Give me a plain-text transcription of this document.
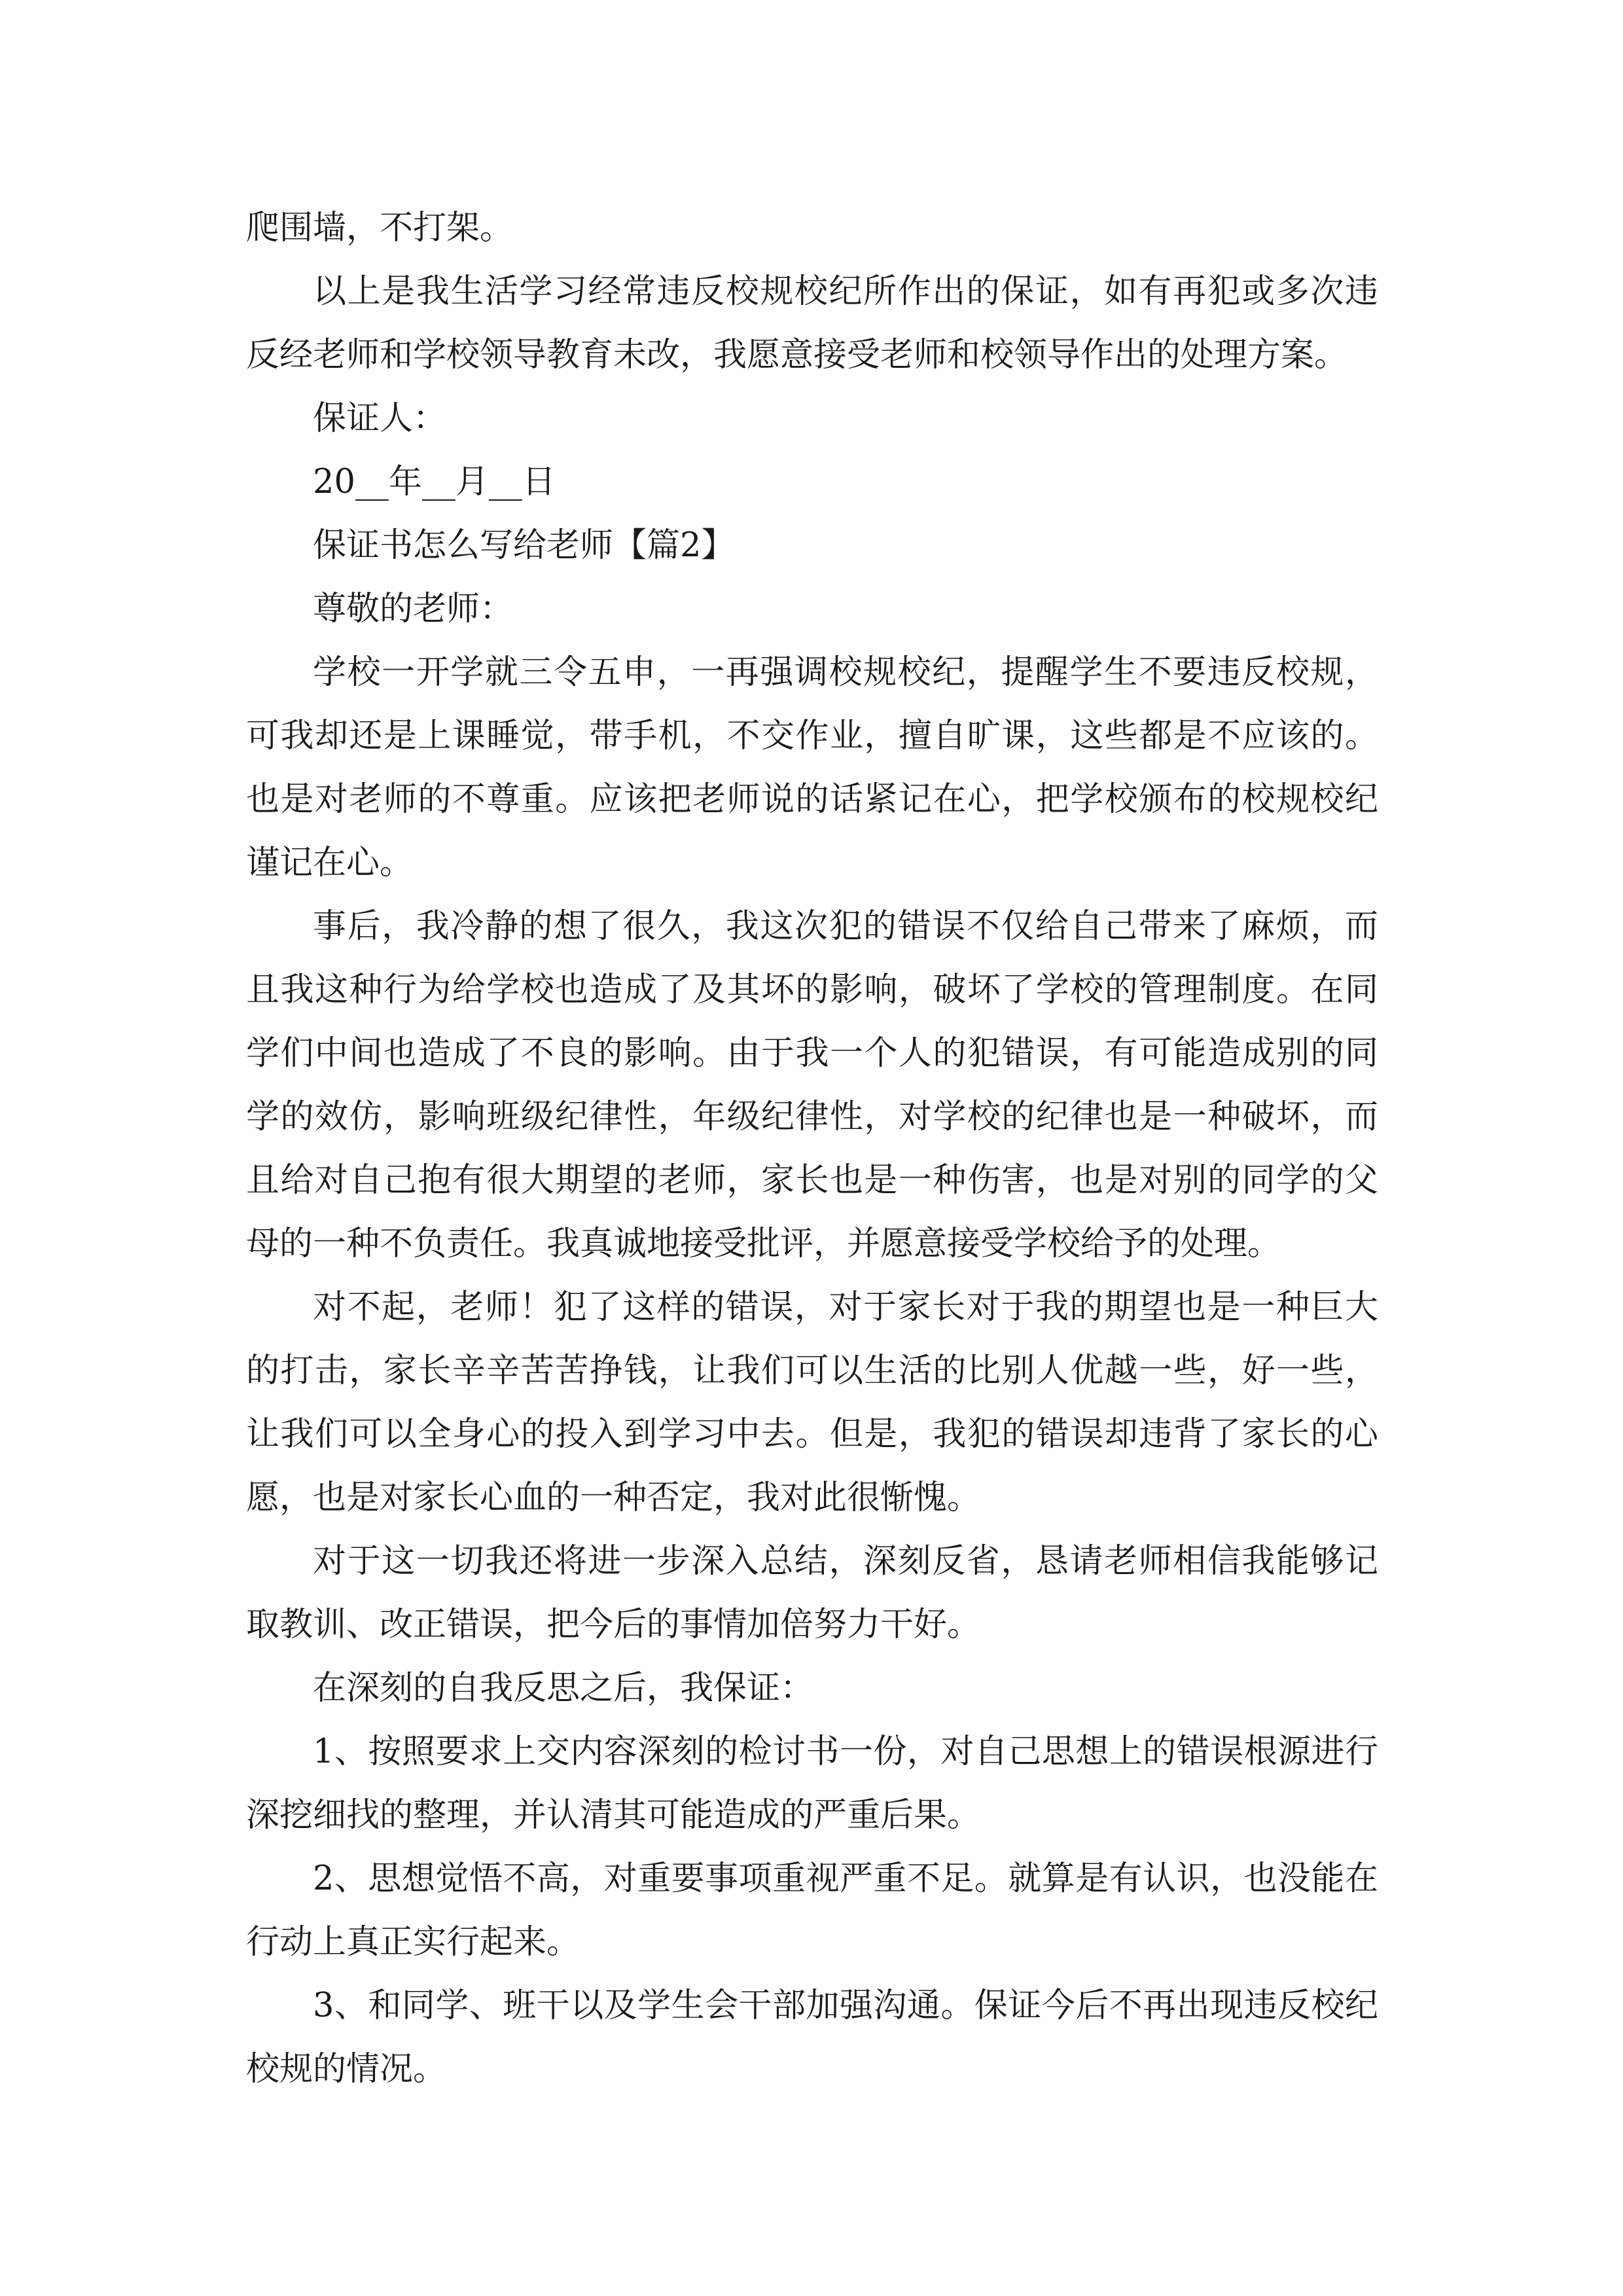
爬围墙，不打架。

以上是我生活学习经常违反校规校纪所作出的保证，如有再犯或多次违反经老师和学校领导教育未改，我愿意接受老师和校领导作出的处理方案。

保证人：

20__年__月__日

保证书怎么写给老师【篇2】

尊敬的老师：

学校一开学就三令五申，一再强调校规校纪，提醒学生不要违反校规，可我却还是上课睡觉，带手机，不交作业，擅自旷课，这些都是不应该的。也是对老师的不尊重。应该把老师说的话紧记在心，把学校颁布的校规校纪谨记在心。

事后，我冷静的想了很久，我这次犯的错误不仅给自己带来了麻烦，而且我这种行为给学校也造成了及其坏的影响，破坏了学校的管理制度。在同学们中间也造成了不良的影响。由于我一个人的犯错误，有可能造成别的同学的效仿，影响班级纪律性，年级纪律性，对学校的纪律也是一种破坏，而且给对自己抱有很大期望的老师，家长也是一种伤害，也是对别的同学的父母的一种不负责任。我真诚地接受批评，并愿意接受学校给予的处理。

对不起，老师！犯了这样的错误，对于家长对于我的期望也是一种巨大的打击，家长辛辛苦苦挣钱，让我们可以生活的比别人优越一些，好一些，让我们可以全身心的投入到学习中去。但是，我犯的错误却违背了家长的心愿，也是对家长心血的一种否定，我对此很惭愧。

对于这一切我还将进一步深入总结，深刻反省，恳请老师相信我能够记取教训、改正错误，把今后的事情加倍努力干好。

在深刻的自我反思之后，我保证：

1、按照要求上交内容深刻的检讨书一份，对自己思想上的错误根源进行深挖细找的整理，并认清其可能造成的严重后果。

2、思想觉悟不高，对重要事项重视严重不足。就算是有认识，也没能在行动上真正实行起来。

3、和同学、班干以及学生会干部加强沟通。保证今后不再出现违反校纪校规的情况。
